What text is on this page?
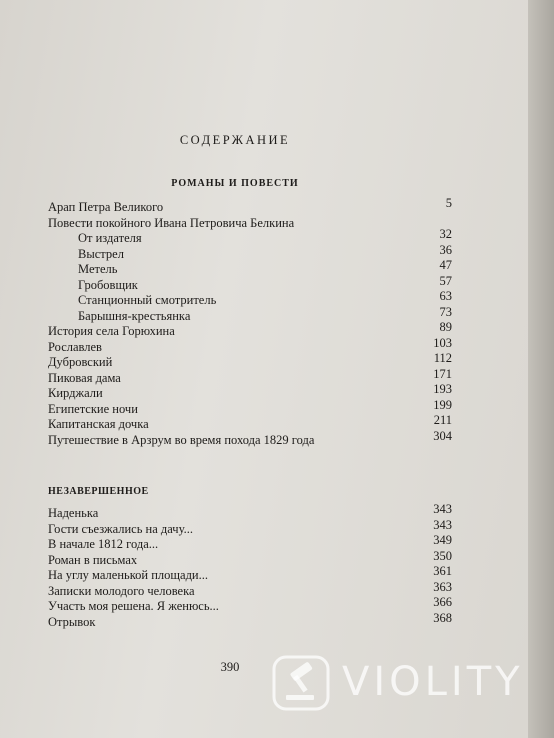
СОДЕРЖАНИЕ
РОМАНЫ И ПОВЕСТИ
Арап Петра Великого	5
Повести покойного Ивана Петровича Белкина
От издателя	32
Выстрел	36
Метель	47
Гробовщик	57
Станционный смотритель	63
Барышня-крестьянка	73
История села Горюхина	89
Рославлев	103
Дубровский	112
Пиковая дама	171
Кирджали	193
Египетские ночи	199
Капитанская дочка	211
Путешествие в Арзрум во время похода 1829 года	304
НЕЗАВЕРШЕННОЕ
Наденька	343
Гости съезжались на дачу...	343
В начале 1812 года...	349
Роман в письмах	350
На углу маленькой площади...	361
Записки молодого человека	363
Участь моя решена. Я женюсь...	366
Отрывок	368
390	VIOLITY
